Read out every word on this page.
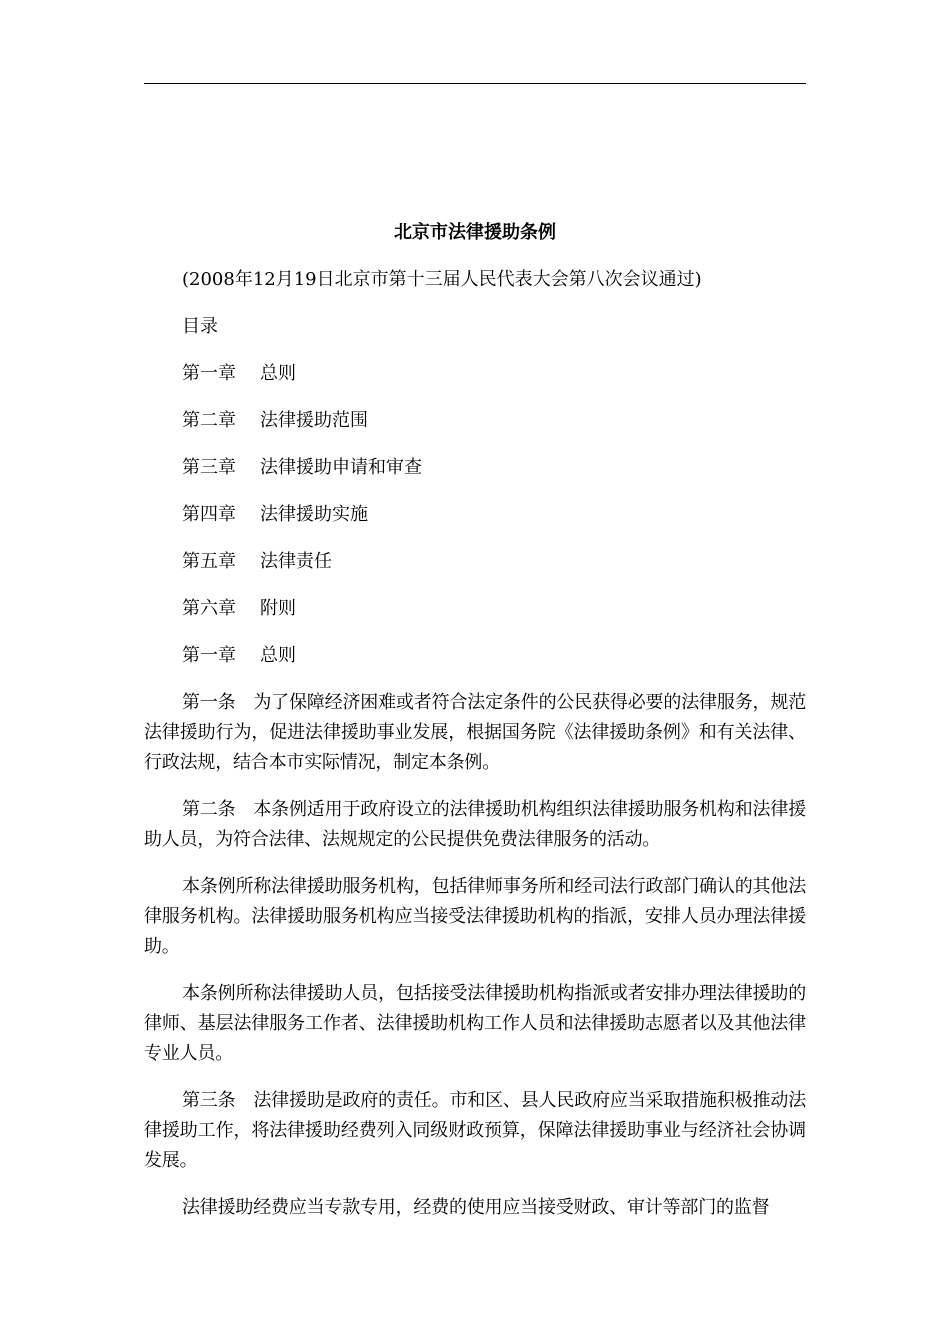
北京市法律援助条例
(2008年12月19日北京市第十三届人民代表大会第八次会议通过)
目录
第一章 总则
第二章 法律援助范围
第三章 法律援助申请和审查
第四章 法律援助实施
第五章 法律责任
第六章 附则
第一章 总则

第一条　为了保障经济困难或者符合法定条件的公民获得必要的法律服务，规范法律援助行为，促进法律援助事业发展，根据国务院《法律援助条例》和有关法律、行政法规，结合本市实际情况，制定本条例。

第二条　本条例适用于政府设立的法律援助机构组织法律援助服务机构和法律援助人员，为符合法律、法规规定的公民提供免费法律服务的活动。

本条例所称法律援助服务机构，包括律师事务所和经司法行政部门确认的其他法律服务机构。法律援助服务机构应当接受法律援助机构的指派，安排人员办理法律援助。

本条例所称法律援助人员，包括接受法律援助机构指派或者安排办理法律援助的律师、基层法律服务工作者、法律援助机构工作人员和法律援助志愿者以及其他法律专业人员。

第三条　法律援助是政府的责任。市和区、县人民政府应当采取措施积极推动法律援助工作，将法律援助经费列入同级财政预算，保障法律援助事业与经济社会协调发展。

法律援助经费应当专款专用，经费的使用应当接受财政、审计等部门的监督
